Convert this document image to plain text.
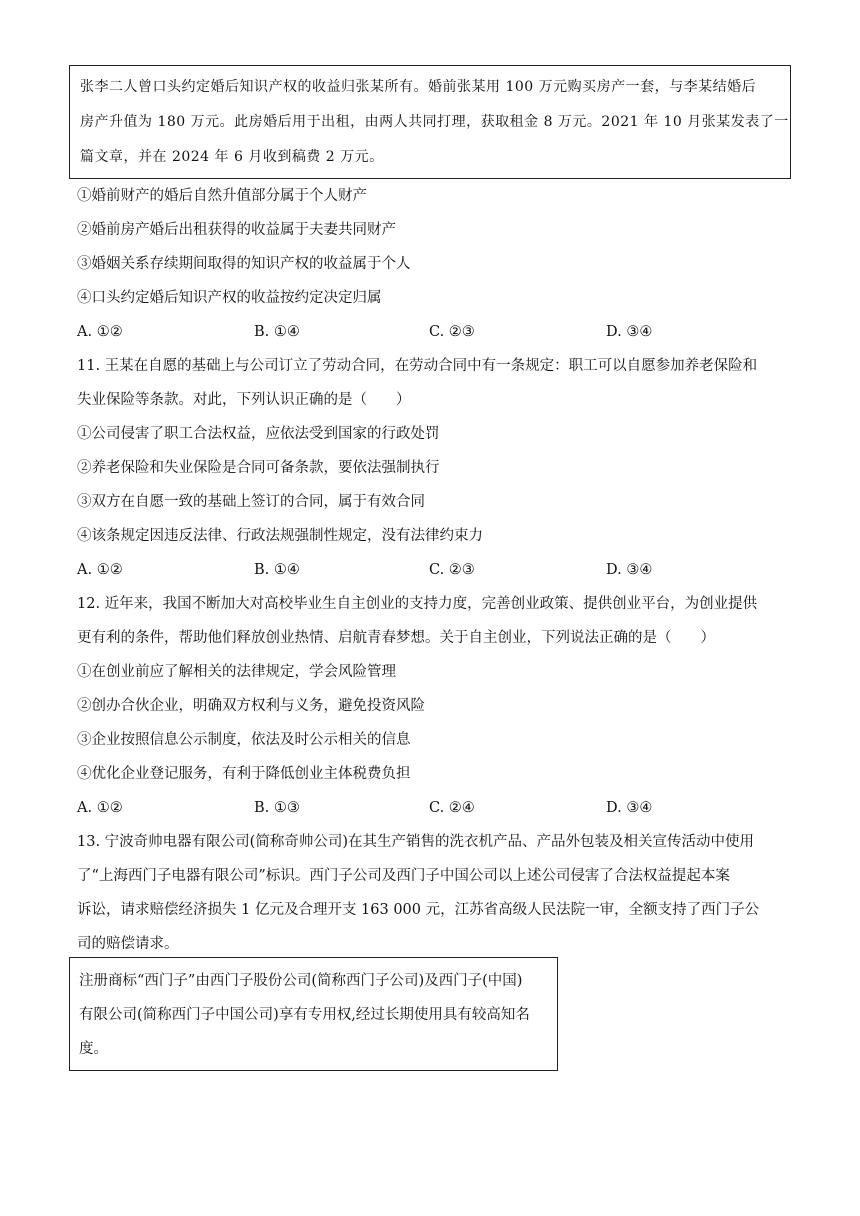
张李二人曾口头约定婚后知识产权的收益归张某所有。婚前张某用 100 万元购买房产一套，与李某结婚后
房产升值为 180 万元。此房婚后用于出租，由两人共同打理，获取租金 8 万元。2021 年 10 月张某发表了一
篇文章，并在 2024 年 6 月收到稿费 2 万元。
①婚前财产的婚后自然升值部分属于个人财产
②婚前房产婚后出租获得的收益属于夫妻共同财产
③婚姻关系存续期间取得的知识产权的收益属于个人
④口头约定婚后知识产权的收益按约定决定归属
A. ①②	B. ①④	C. ②③	D. ③④
11. 王某在自愿的基础上与公司订立了劳动合同，在劳动合同中有一条规定：职工可以自愿参加养老保险和
失业保险等条款。对此，下列认识正确的是（　　）
①公司侵害了职工合法权益，应依法受到国家的行政处罚
②养老保险和失业保险是合同可备条款，要依法强制执行
③双方在自愿一致的基础上签订的合同，属于有效合同
④该条规定因违反法律、行政法规强制性规定，没有法律约束力
A. ①②	B. ①④	C. ②③	D. ③④
12. 近年来，我国不断加大对高校毕业生自主创业的支持力度，完善创业政策、提供创业平台，为创业提供
更有利的条件，帮助他们释放创业热情、启航青春梦想。关于自主创业，下列说法正确的是（　　）
①在创业前应了解相关的法律规定，学会风险管理
②创办合伙企业，明确双方权利与义务，避免投资风险
③企业按照信息公示制度，依法及时公示相关的信息
④优化企业登记服务，有利于降低创业主体税费负担
A. ①②	B. ①③	C. ②④	D. ③④
13. 宁波奇帅电器有限公司(简称奇帅公司)在其生产销售的洗衣机产品、产品外包装及相关宣传活动中使用
了“上海西门子电器有限公司”标识。西门子公司及西门子中国公司以上述公司侵害了合法权益提起本案
诉讼，请求赔偿经济损失 1 亿元及合理开支 163 000 元，江苏省高级人民法院一审，全额支持了西门子公
司的赔偿请求。
注册商标“西门子”由西门子股份公司(简称西门子公司)及西门子(中国)
有限公司(简称西门子中国公司)享有专用权,经过长期使用具有较高知名
度。
